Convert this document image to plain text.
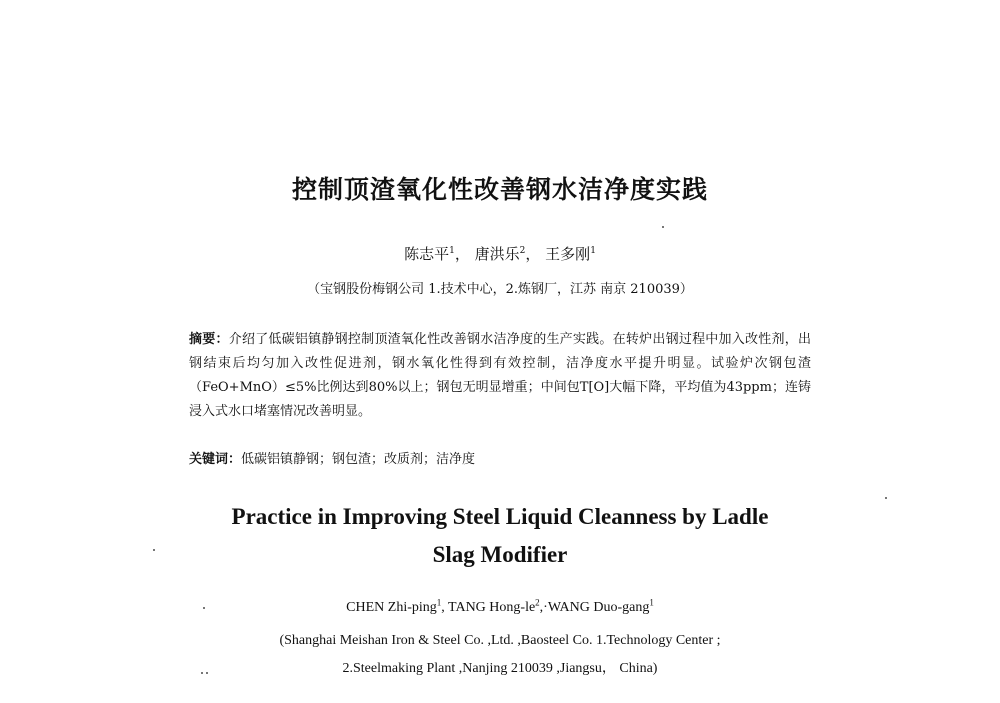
控制顶渣氧化性改善钢水洁净度实践
陈志平$^1$， 唐洪乐$^2$， 王多刚$^1$
（宝钢股份梅钢公司 1.技术中心，2.炼钢厂，江苏 南京 210039）
摘要：介绍了低碳铝镇静钢控制顶渣氧化性改善钢水洁净度的生产实践。在转炉出钢过程中加入改性剂，出钢结束后均匀加入改性促进剂，钢水氧化性得到有效控制，洁净度水平提升明显。试验炉次钢包渣（FeO+MnO）≤5%比例达到80%以上；钢包无明显增重；中间包T[O]大幅下降，平均值为43ppm；连铸浸入式水口堵塞情况改善明显。
关键词：低碳铝镇静钢；钢包渣；改质剂；洁净度
Practice in Improving Steel Liquid Cleanness by Ladle
Slag Modifier
CHEN Zhi-ping$^1$, TANG Hong-$le^2,\cdot WANG$ Duo-gang$^1$
(Shanghai Meishan Iron & Steel Co. ,Ltd. ,Baosteel Co. 1.Technology Center ;
2.Steelmaking Plant ,Nanjing 210039 ,Jiangsu， China)
